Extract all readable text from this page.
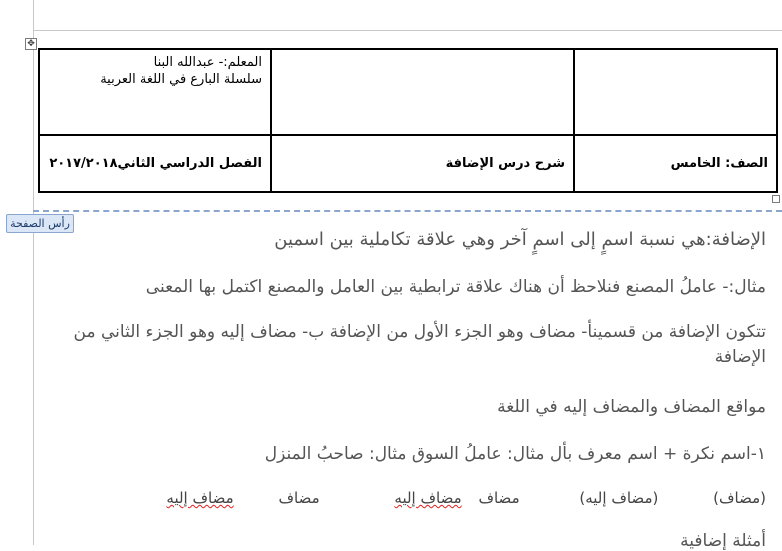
✥

		المعلم:- عبدالله البنا
سلسلة البارع في اللغة العربية

الصف: الخامس	شرح درس الإضافة	الفصل الدراسي الثاني٢٠١٧/٢٠١٨
رأس الصفحة
الإضافة:هي نسبة اسمٍ إلى اسمٍ آخر وهي علاقة تكاملية بين اسمين
مثال:- عاملُ المصنع فنلاحظ أن هناك علاقة ترابطية بين العامل والمصنع اكتمل بها المعنى
تتكون الإضافة من قسمينأ- مضاف وهو الجزء الأول من الإضافة ب- مضاف إليه وهو الجزء الثاني من الإضافة
مواقع المضاف والمضاف إليه في اللغة
١-اسم نكرة + اسم معرف بأل مثال: عاملُ السوق مثال: صاحبُ المنزل
(مضاف) (مضاف إليه) مضاف مضاف إليه مضاف مضاف إليه
أمثلة إضافية
